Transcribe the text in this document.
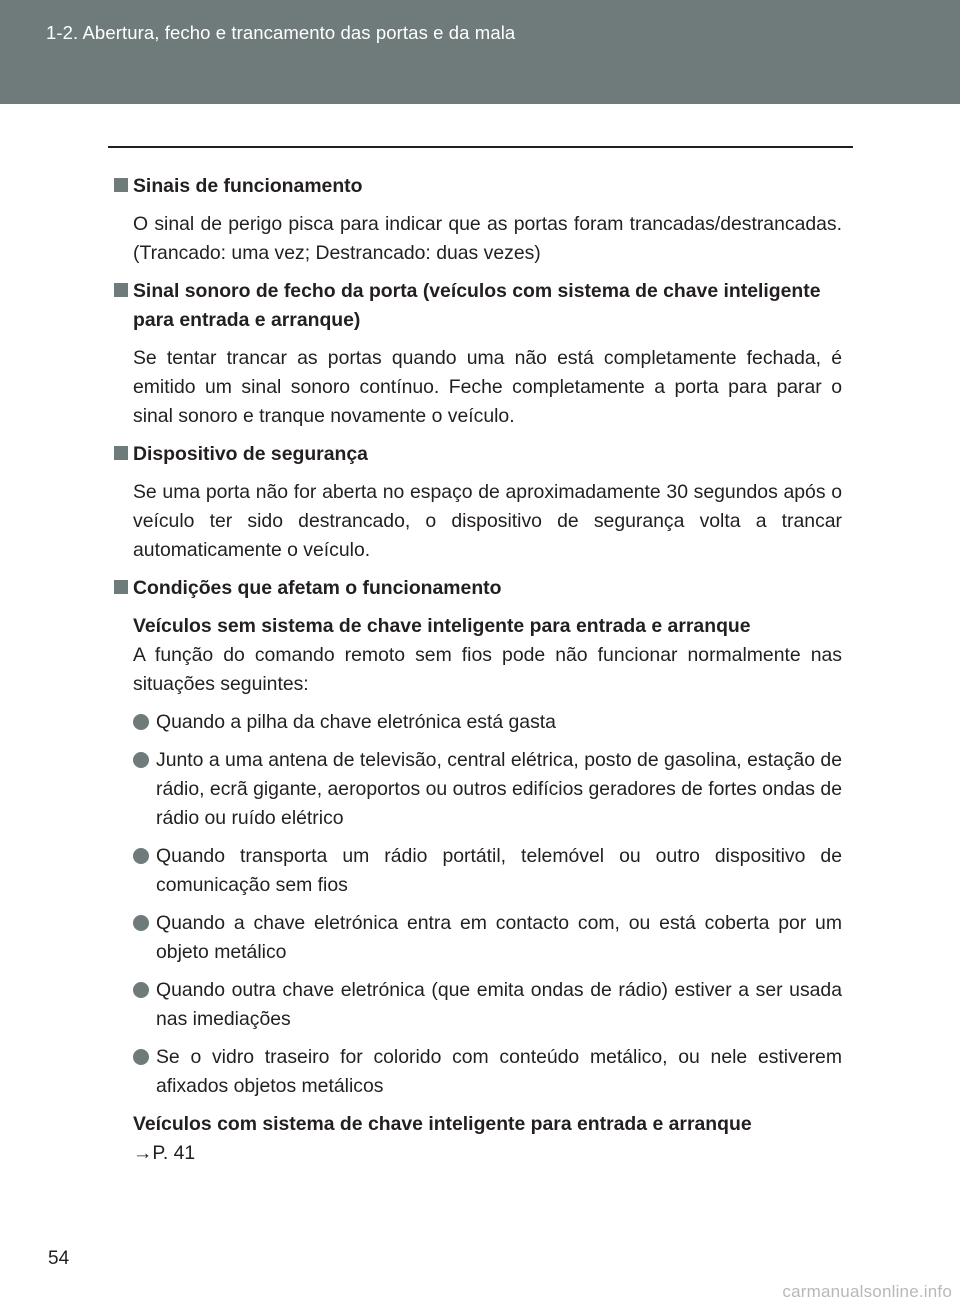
1-2. Abertura, fecho e trancamento das portas e da mala

Sinais de funcionamento

O sinal de perigo pisca para indicar que as portas foram trancadas/destrancadas. (Trancado: uma vez; Destrancado: duas vezes)

Sinal sonoro de fecho da porta (veículos com sistema de chave inteligente para entrada e arranque)

Se tentar trancar as portas quando uma não está completamente fechada, é emitido um sinal sonoro contínuo. Feche completamente a porta para parar o sinal sonoro e tranque novamente o veículo.

Dispositivo de segurança

Se uma porta não for aberta no espaço de aproximadamente 30 segundos após o veículo ter sido destrancado, o dispositivo de segurança volta a trancar automaticamente o veículo.

Condições que afetam o funcionamento

Veículos sem sistema de chave inteligente para entrada e arranque

A função do comando remoto sem fios pode não funcionar normalmente nas situações seguintes:

Quando a pilha da chave eletrónica está gasta

Junto a uma antena de televisão, central elétrica, posto de gasolina, estação de rádio, ecrã gigante, aeroportos ou outros edifícios geradores de fortes ondas de rádio ou ruído elétrico

Quando transporta um rádio portátil, telemóvel ou outro dispositivo de comunicação sem fios

Quando a chave eletrónica entra em contacto com, ou está coberta por um objeto metálico

Quando outra chave eletrónica (que emita ondas de rádio) estiver a ser usada nas imediações

Se o vidro traseiro for colorido com conteúdo metálico, ou nele estiverem afixados objetos metálicos

Veículos com sistema de chave inteligente para entrada e arranque

→P. 41

54
carmanualsonline.info
